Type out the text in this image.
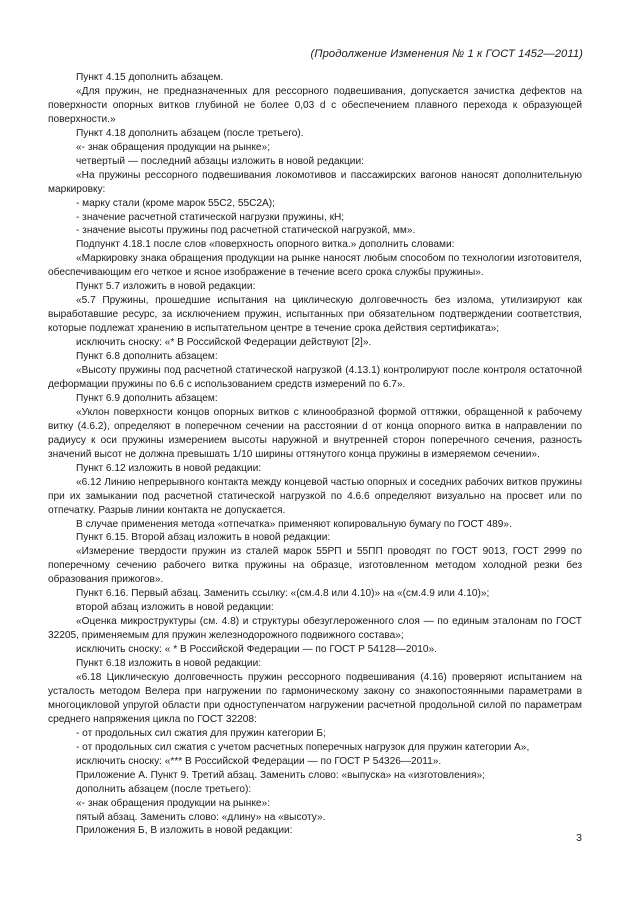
(Продолжение Изменения № 1 к ГОСТ 1452—2011)

Пункт 4.15 дополнить абзацем.

«Для пружин, не предназначенных для рессорного подвешивания, допускается зачистка дефектов на поверхности опорных витков глубиной не более 0,03 d с обеспечением плавного перехода к образующей поверхности.»

Пункт 4.18 дополнить абзацем (после третьего).

«- знак обращения продукции на рынке»;

четвертый — последний абзацы изложить в новой редакции:

«На пружины рессорного подвешивания локомотивов и пассажирских вагонов наносят дополнительную маркировку:

- марку стали (кроме марок 55С2, 55С2А);

- значение расчетной статической нагрузки пружины, кН;

- значение высоты пружины под расчетной статической нагрузкой, мм».

Подпункт 4.18.1 после слов «поверхность опорного витка.» дополнить словами:

«Маркировку знака обращения продукции на рынке наносят любым способом по технологии изготовителя, обеспечивающим его четкое и ясное изображение в течение всего срока службы пружины».

Пункт 5.7 изложить в новой редакции:

«5.7 Пружины, прошедшие испытания на циклическую долговечность без излома, утилизируют как выработавшие ресурс, за исключением пружин, испытанных при обязательном подтверждении соответствия, которые подлежат хранению в испытательном центре в течение срока действия сертификата»;

исключить сноску: «* В Российской Федерации действуют [2]».

Пункт 6.8 дополнить абзацем:

«Высоту пружины под расчетной статической нагрузкой (4.13.1) контролируют после контроля остаточной деформации пружины по 6.6 с использованием средств измерений по 6.7».

Пункт 6.9 дополнить абзацем:

«Уклон поверхности концов опорных витков с клинообразной формой оттяжки, обращенной к рабочему витку (4.6.2), определяют в поперечном сечении на расстоянии d от конца опорного витка в направлении по радиусу к оси пружины измерением высоты наружной и внутренней сторон поперечного сечения, разность значений высот не должна превышать 1/10 ширины оттянутого конца пружины в измеряемом сечении».

Пункт 6.12 изложить в новой редакции:

«6.12 Линию непрерывного контакта между концевой частью опорных и соседних рабочих витков пружины при их замыкании под расчетной статической нагрузкой по 4.6.6 определяют визуально на просвет или по отпечатку. Разрыв линии контакта не допускается.

В случае применения метода «отпечатка» применяют копировальную бумагу по ГОСТ 489».

Пункт 6.15. Второй абзац изложить в новой редакции:

«Измерение твердости пружин из сталей марок 55РП и 55ПП проводят по ГОСТ 9013, ГОСТ 2999 по поперечному сечению рабочего витка пружины на образце, изготовленном методом холодной резки без образования прижогов».

Пункт 6.16. Первый абзац. Заменить ссылку: «(см.4.8 или 4.10)» на «(см.4.9 или 4.10)»;

второй абзац изложить в новой редакции:

«Оценка микроструктуры (см. 4.8) и структуры обезуглероженного слоя — по единым эталонам по ГОСТ 32205, применяемым для пружин железнодорожного подвижного состава»;

исключить сноску: « * В Российской Федерации — по ГОСТ Р 54128—2010».

Пункт 6.18 изложить в новой редакции:

«6.18 Циклическую долговечность пружин рессорного подвешивания (4.16) проверяют испытанием на усталость методом Велера при нагружении по гармоническому закону со знакопостоянными параметрами в многоцикловой упругой области при одноступенчатом нагружении расчетной продольной силой по параметрам среднего напряжения цикла по ГОСТ 32208:

- от продольных сил сжатия для пружин категории Б;

- от продольных сил сжатия с учетом расчетных поперечных нагрузок для пружин категории А»,

исключить сноску: «*** В Российской Федерации — по ГОСТ Р 54326—2011».

Приложение А. Пункт 9. Третий абзац. Заменить слово: «выпуска» на «изготовления»;

дополнить абзацем (после третьего):

«- знак обращения продукции на рынке»:

пятый абзац. Заменить слово: «длину» на «высоту».

Приложения Б, В изложить в новой редакции:

3
